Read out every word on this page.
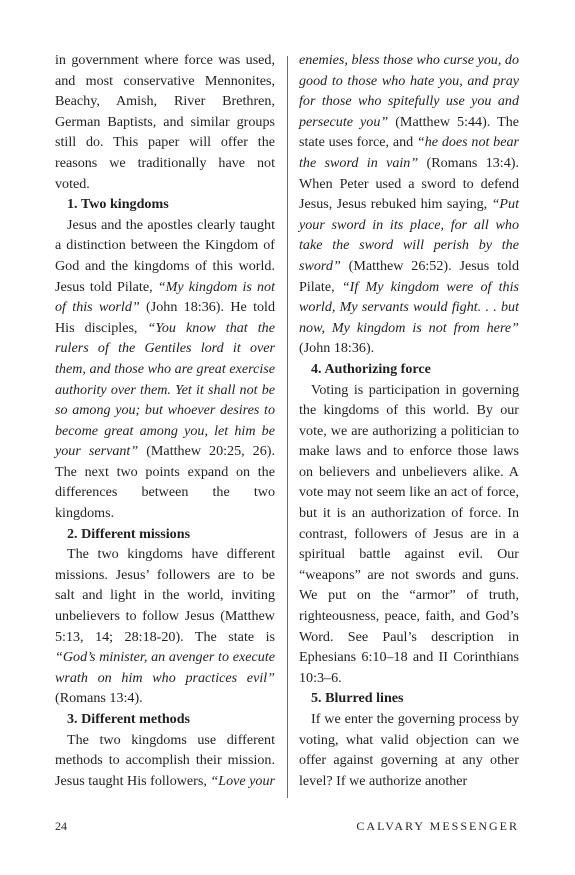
in government where force was used, and most conservative Mennonites, Beachy, Amish, River Brethren, German Baptists, and similar groups still do. This paper will offer the reasons we traditionally have not voted.

1. Two kingdoms

Jesus and the apostles clearly taught a distinction between the Kingdom of God and the kingdoms of this world. Jesus told Pilate, “My kingdom is not of this world” (John 18:36). He told His disciples, “You know that the rulers of the Gentiles lord it over them, and those who are great exercise authority over them. Yet it shall not be so among you; but whoever desires to become great among you, let him be your servant” (Matthew 20:25, 26). The next two points expand on the differences between the two kingdoms.

2. Different missions

The two kingdoms have different missions. Jesus’ followers are to be salt and light in the world, inviting unbelievers to follow Jesus (Matthew 5:13, 14; 28:18-20). The state is “God’s minister, an avenger to execute wrath on him who practices evil” (Romans 13:4).

3. Different methods

The two kingdoms use different methods to accomplish their mission. Jesus taught His followers, “Love your

enemies, bless those who curse you, do good to those who hate you, and pray for those who spitefully use you and persecute you” (Matthew 5:44). The state uses force, and “he does not bear the sword in vain” (Romans 13:4). When Peter used a sword to defend Jesus, Jesus rebuked him saying, “Put your sword in its place, for all who take the sword will perish by the sword” (Matthew 26:52). Jesus told Pilate, “If My kingdom were of this world, My servants would fight. . . but now, My kingdom is not from here” (John 18:36).

4. Authorizing force

Voting is participation in governing the kingdoms of this world. By our vote, we are authorizing a politician to make laws and to enforce those laws on believers and unbelievers alike. A vote may not seem like an act of force, but it is an authorization of force. In contrast, followers of Jesus are in a spiritual battle against evil. Our “weapons” are not swords and guns. We put on the “armor” of truth, righteousness, peace, faith, and God’s Word. See Paul’s description in Ephesians 6:10–18 and II Corinthians 10:3–6.

5. Blurred lines

If we enter the governing process by voting, what valid objection can we offer against governing at any other level? If we authorize another

24	CALVARY MESSENGER
